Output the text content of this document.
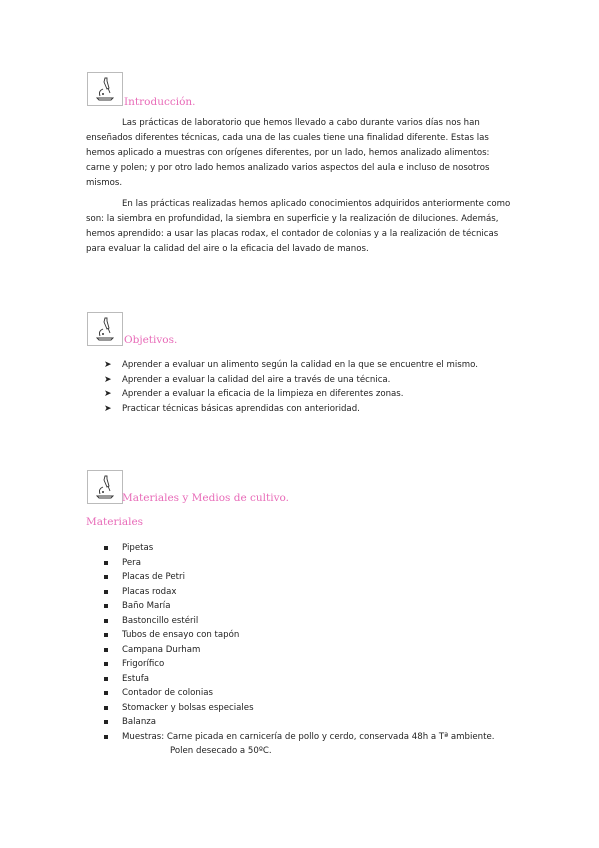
Introducción.

Las prácticas de laboratorio que hemos llevado a cabo durante varios días nos han enseñados diferentes técnicas, cada una de las cuales tiene una finalidad diferente. Estas las hemos aplicado a muestras con orígenes diferentes, por un lado, hemos analizado alimentos: carne y polen; y por otro lado hemos analizado varios aspectos del aula e incluso de nosotros mismos.

En las prácticas realizadas hemos aplicado conocimientos adquiridos anteriormente como son: la siembra en profundidad, la siembra en superficie y la realización de diluciones. Además, hemos aprendido: a usar las placas rodax, el contador de colonias y a la realización de técnicas para evaluar la calidad del aire o la eficacia del lavado de manos.

Objetivos.
➤ Aprender a evaluar un alimento según la calidad en la que se encuentre el mismo.
➤ Aprender a evaluar la calidad del aire a través de una técnica.
➤ Aprender a evaluar la eficacia de la limpieza en diferentes zonas.
➤ Practicar técnicas básicas aprendidas con anterioridad.
Materiales y Medios de cultivo.
Materiales
Pipetas
Pera
Placas de Petri
Placas rodax
Baño María
Bastoncillo estéril
Tubos de ensayo con tapón
Campana Durham
Frigorífico
Estufa
Contador de colonias
Stomacker y bolsas especiales
Balanza
Muestras: Carne picada en carnicería de pollo y cerdo, conservada 48h a Tª ambiente.
Polen desecado a 50ºC.
